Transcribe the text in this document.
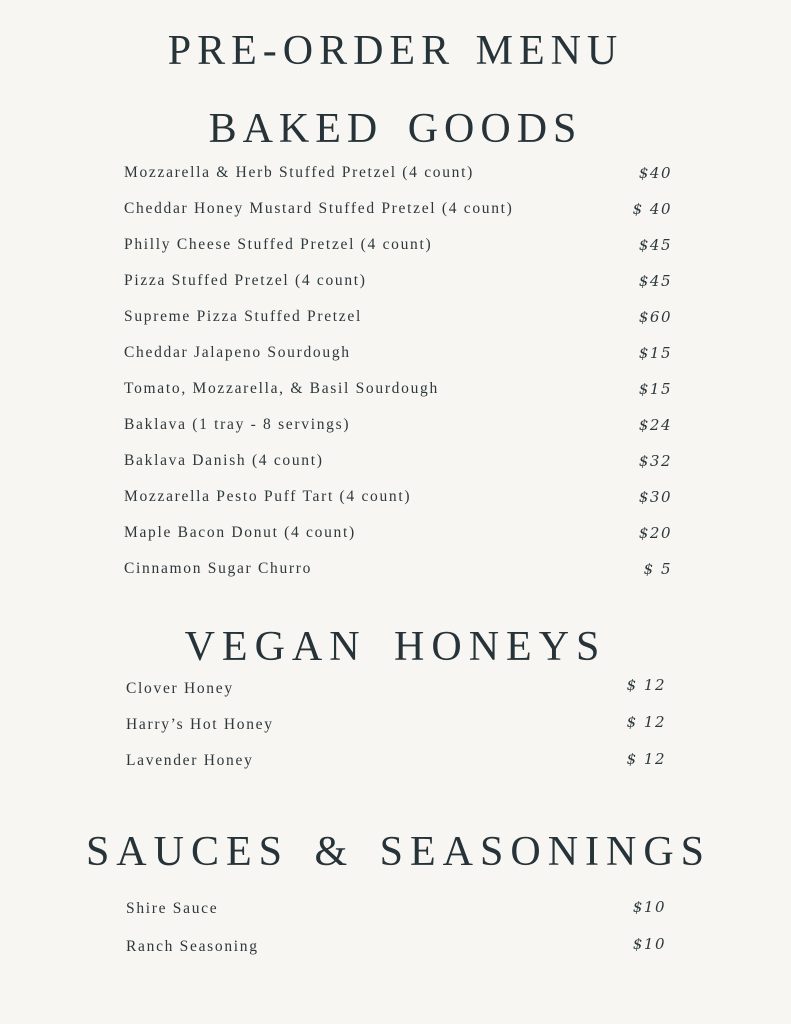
PRE-ORDER MENU
BAKED GOODS
Mozzarella & Herb Stuffed Pretzel (4 count)	$40
Cheddar Honey Mustard Stuffed Pretzel (4 count)	$ 40
Philly Cheese Stuffed Pretzel (4 count)	$45
Pizza Stuffed Pretzel (4 count)	$45
Supreme Pizza Stuffed Pretzel	$60
Cheddar Jalapeno Sourdough	$15
Tomato, Mozzarella, & Basil Sourdough	$15
Baklava (1 tray - 8 servings)	$24
Baklava Danish (4 count)	$32
Mozzarella Pesto Puff Tart (4 count)	$30
Maple Bacon Donut (4 count)	$20
Cinnamon Sugar Churro	$ 5
VEGAN HONEYS
Clover Honey	$ 12
Harry’s Hot Honey	$ 12
Lavender Honey	$ 12
SAUCES & SEASONINGS
Shire Sauce	$10
Ranch Seasoning	$10
